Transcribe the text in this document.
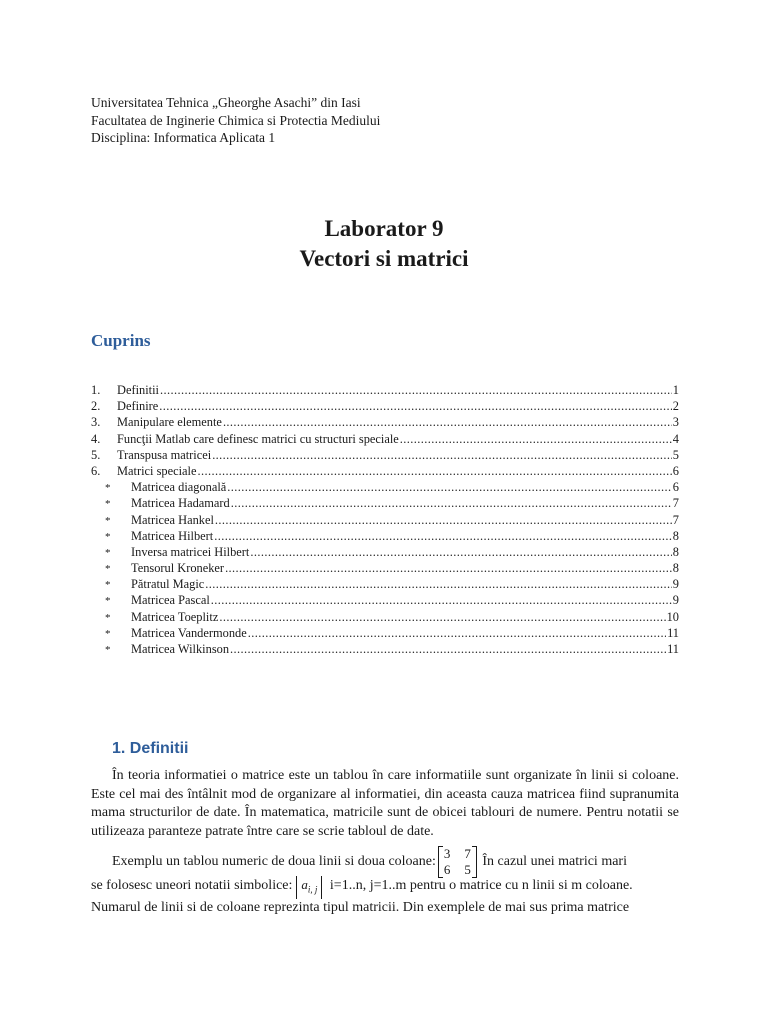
Universitatea Tehnica „Gheorghe Asachi” din Iasi
Facultatea de Inginerie Chimica si Protectia Mediului
Disciplina: Informatica Aplicata 1
Laborator 9
Vectori si matrici
Cuprins
1.	Definitii .....	1
2.	Definire .....	2
3.	Manipulare elemente .....	3
4.	Funcţii Matlab care definesc matrici cu structuri speciale .....	4
5.	Transpusa matricei .....	5
6.	Matrici speciale .....	6
*	Matricea diagonală .....	6
*	Matricea Hadamard .....	7
*	Matricea Hankel .....	7
*	Matricea Hilbert .....	8
*	Inversa matricei Hilbert .....	8
*	Tensorul Kroneker .....	8
*	Pătratul Magic .....	9
*	Matricea Pascal .....	9
*	Matricea Toeplitz .....	10
*	Matricea Vandermonde .....	11
*	Matricea Wilkinson .....	11
1. Definitii
În teoria informatiei o matrice este un tablou în care informatiile sunt organizate în linii si coloane. Este cel mai des întâlnit mod de organizare al informatiei, din aceasta cauza matricea fiind supranumita mama structurilor de date. În matematica, matricile sunt de obicei tablouri de numere. Pentru notatii se utilizeaza paranteze patrate între care se scrie tabloul de date.
Exemplu un tablou numeric de doua linii si doua coloane:
3 7
6 5
În cazul unei matrici mari
se folosesc uneori notatii simbolice: $a_{i, j}$ i=1..n, j=1..m pentru o matrice cu n linii si m coloane.
Numarul de linii si de coloane reprezinta tipul matricii. Din exemplele de mai sus prima matrice
